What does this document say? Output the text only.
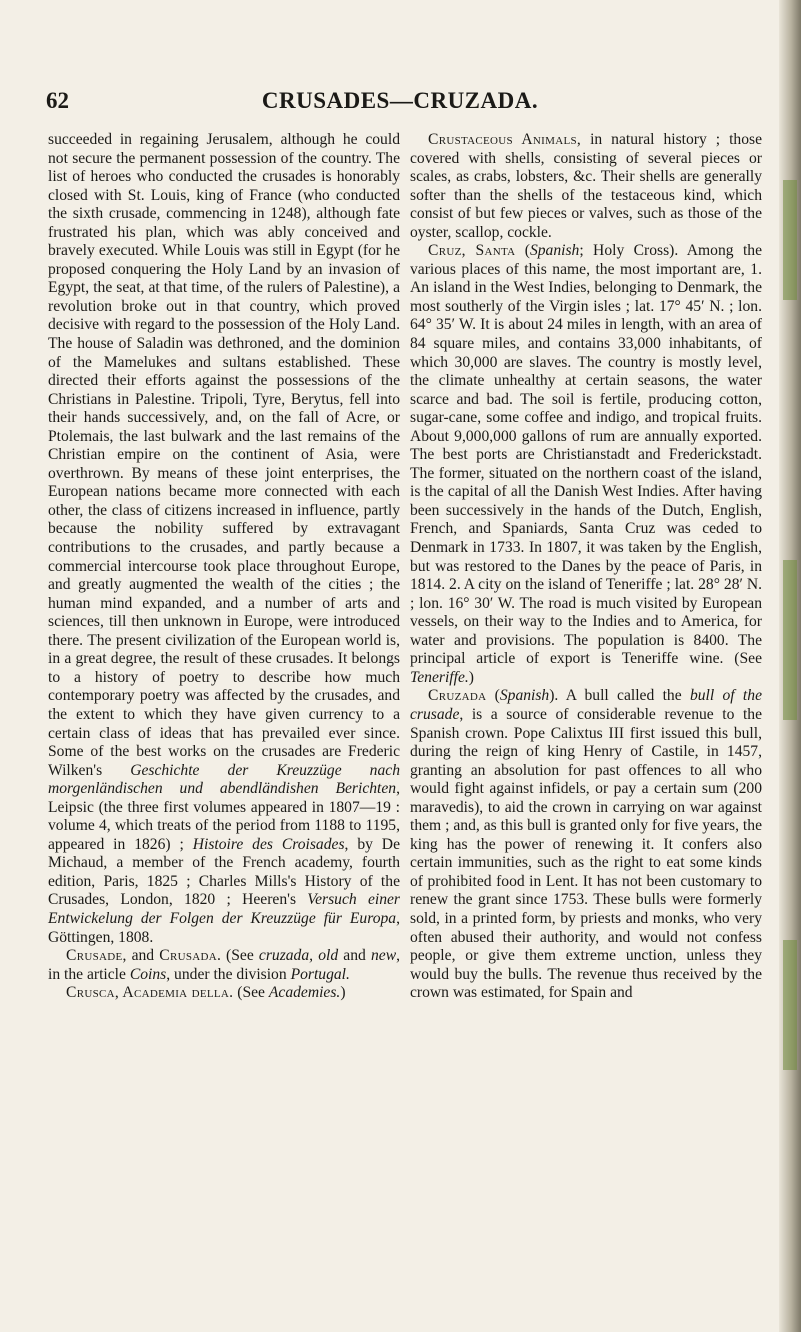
62	CRUSADES—CRUZADA.

succeeded in regaining Jerusalem, although he could not secure the permanent possession of the country. The list of heroes who conducted the crusades is honorably closed with St. Louis, king of France (who conducted the sixth crusade, commencing in 1248), although fate frustrated his plan, which was ably conceived and bravely executed. While Louis was still in Egypt (for he proposed conquering the Holy Land by an invasion of Egypt, the seat, at that time, of the rulers of Palestine), a revolution broke out in that country, which proved decisive with regard to the possession of the Holy Land. The house of Saladin was dethroned, and the dominion of the Mamelukes and sultans established. These directed their efforts against the possessions of the Christians in Palestine. Tripoli, Tyre, Berytus, fell into their hands successively, and, on the fall of Acre, or Ptolemais, the last bulwark and the last remains of the Christian empire on the continent of Asia, were overthrown. By means of these joint enterprises, the European nations became more connected with each other, the class of citizens increased in influence, partly because the nobility suffered by extravagant contributions to the crusades, and partly because a commercial intercourse took place throughout Europe, and greatly augmented the wealth of the cities ; the human mind expanded, and a number of arts and sciences, till then unknown in Europe, were introduced there. The present civilization of the European world is, in a great degree, the result of these crusades. It belongs to a history of poetry to describe how much contemporary poetry was affected by the crusades, and the extent to which they have given currency to a certain class of ideas that has prevailed ever since. Some of the best works on the crusades are Frederic Wilken's Geschichte der Kreuzzüge nach morgenländischen und abendländishen Berichten, Leipsic (the three first volumes appeared in 1807—19 : volume 4, which treats of the period from 1188 to 1195, appeared in 1826) ; Histoire des Croisades, by De Michaud, a member of the French academy, fourth edition, Paris, 1825 ; Charles Mills's History of the Crusades, London, 1820 ; Heeren's Versuch einer Entwickelung der Folgen der Kreuzzüge für Europa, Göttingen, 1808.

Crusade, and Crusada. (See cruzada, old and new, in the article Coins, under the division Portugal.

Crusca, Academia della. (See Academies.)

Crustaceous Animals, in natural history ; those covered with shells, consisting of several pieces or scales, as crabs, lobsters, &c. Their shells are generally softer than the shells of the testaceous kind, which consist of but few pieces or valves, such as those of the oyster, scallop, cockle.

Cruz, Santa (Spanish; Holy Cross). Among the various places of this name, the most important are, 1. An island in the West Indies, belonging to Denmark, the most southerly of the Virgin isles ; lat. 17° 45′ N. ; lon. 64° 35′ W. It is about 24 miles in length, with an area of 84 square miles, and contains 33,000 inhabitants, of which 30,000 are slaves. The country is mostly level, the climate unhealthy at certain seasons, the water scarce and bad. The soil is fertile, producing cotton, sugar-cane, some coffee and indigo, and tropical fruits. About 9,000,000 gallons of rum are annually exported. The best ports are Christianstadt and Frederickstadt. The former, situated on the northern coast of the island, is the capital of all the Danish West Indies. After having been successively in the hands of the Dutch, English, French, and Spaniards, Santa Cruz was ceded to Denmark in 1733. In 1807, it was taken by the English, but was restored to the Danes by the peace of Paris, in 1814. 2. A city on the island of Teneriffe ; lat. 28° 28′ N. ; lon. 16° 30′ W. The road is much visited by European vessels, on their way to the Indies and to America, for water and provisions. The population is 8400. The principal article of export is Teneriffe wine. (See Teneriffe.)

Cruzada (Spanish). A bull called the bull of the crusade, is a source of considerable revenue to the Spanish crown. Pope Calixtus III first issued this bull, during the reign of king Henry of Castile, in 1457, granting an absolution for past offences to all who would fight against infidels, or pay a certain sum (200 maravedis), to aid the crown in carrying on war against them ; and, as this bull is granted only for five years, the king has the power of renewing it. It confers also certain immunities, such as the right to eat some kinds of prohibited food in Lent. It has not been customary to renew the grant since 1753. These bulls were formerly sold, in a printed form, by priests and monks, who very often abused their authority, and would not confess people, or give them extreme unction, unless they would buy the bulls. The revenue thus received by the crown was estimated, for Spain and
